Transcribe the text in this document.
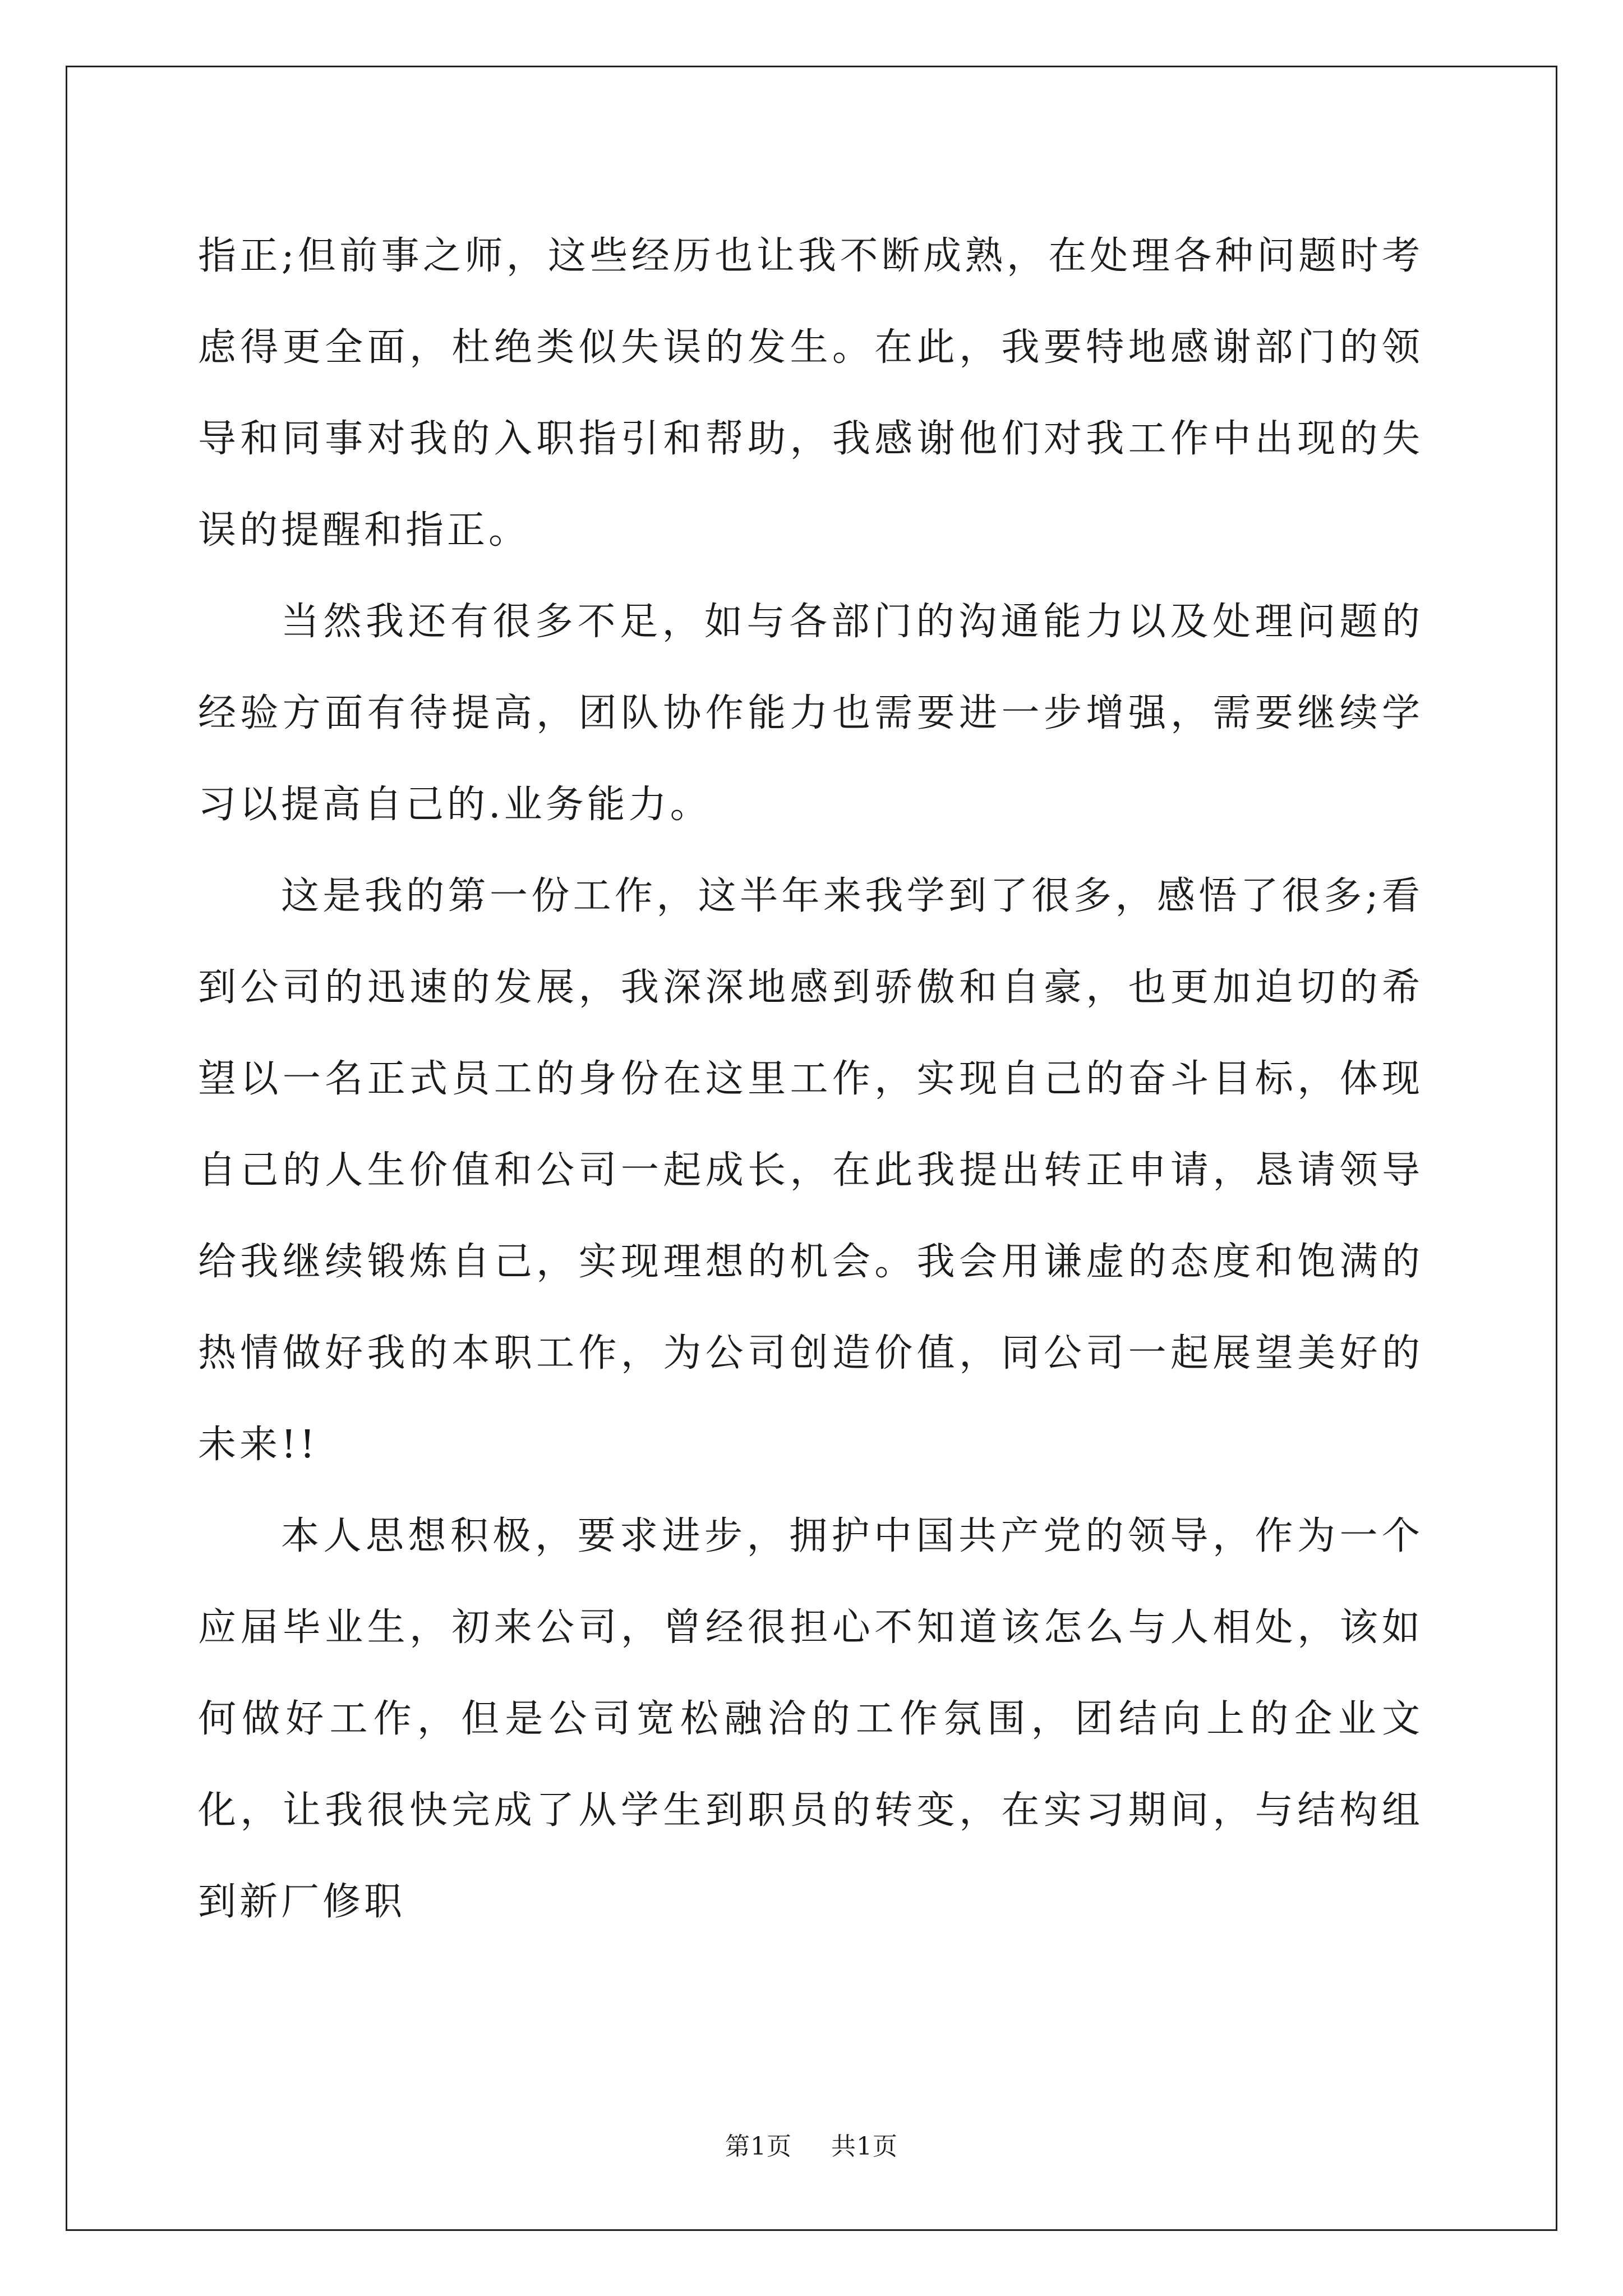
指正;但前事之师，这些经历也让我不断成熟，在处理各种问题时考虑得更全面，杜绝类似失误的发生。在此，我要特地感谢部门的领导和同事对我的入职指引和帮助，我感谢他们对我工作中出现的失误的提醒和指正。

当然我还有很多不足，如与各部门的沟通能力以及处理问题的经验方面有待提高，团队协作能力也需要进一步增强，需要继续学习以提高自己的.业务能力。

这是我的第一份工作，这半年来我学到了很多，感悟了很多;看到公司的迅速的发展，我深深地感到骄傲和自豪，也更加迫切的希望以一名正式员工的身份在这里工作，实现自己的奋斗目标，体现自己的人生价值和公司一起成长，在此我提出转正申请，恳请领导给我继续锻炼自己，实现理想的机会。我会用谦虚的态度和饱满的热情做好我的本职工作，为公司创造价值，同公司一起展望美好的未来!!

本人思想积极，要求进步，拥护中国共产党的领导，作为一个应届毕业生，初来公司，曾经很担心不知道该怎么与人相处，该如何做好工作，但是公司宽松融洽的工作氛围，团结向上的企业文化，让我很快完成了从学生到职员的转变，在实习期间，与结构组到新厂修职

第1页 共1页
